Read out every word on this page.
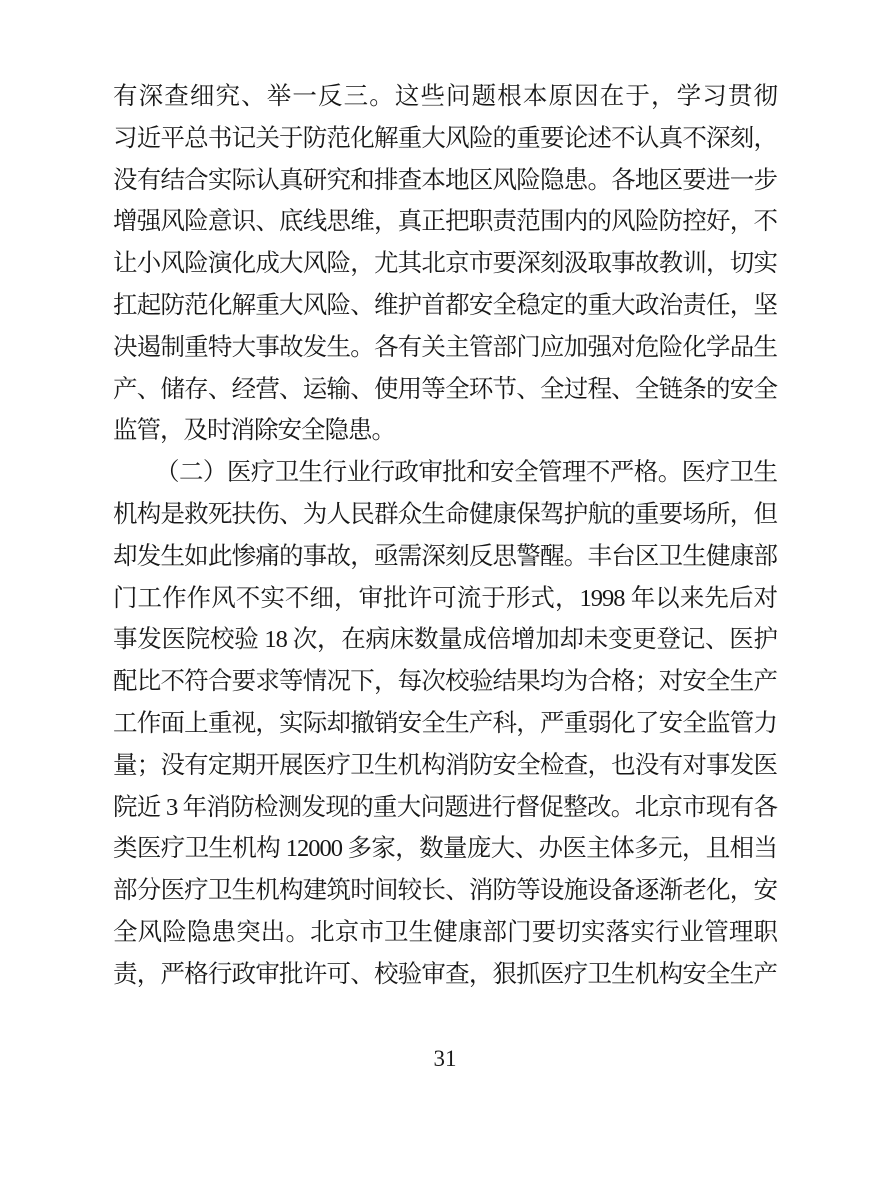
有深查细究、举一反三。这些问题根本原因在于，学习贯彻
习近平总书记关于防范化解重大风险的重要论述不认真不深刻，
没有结合实际认真研究和排查本地区风险隐患。各地区要进一步
增强风险意识、底线思维，真正把职责范围内的风险防控好，不
让小风险演化成大风险，尤其北京市要深刻汲取事故教训，切实
扛起防范化解重大风险、维护首都安全稳定的重大政治责任，坚
决遏制重特大事故发生。各有关主管部门应加强对危险化学品生
产、储存、经营、运输、使用等全环节、全过程、全链条的安全
监管，及时消除安全隐患。
（二）医疗卫生行业行政审批和安全管理不严格。医疗卫生
机构是救死扶伤、为人民群众生命健康保驾护航的重要场所，但
却发生如此惨痛的事故，亟需深刻反思警醒。丰台区卫生健康部
门工作作风不实不细，审批许可流于形式，1998 年以来先后对
事发医院校验 18 次，在病床数量成倍增加却未变更登记、医护
配比不符合要求等情况下，每次校验结果均为合格；对安全生产
工作面上重视，实际却撤销安全生产科，严重弱化了安全监管力
量；没有定期开展医疗卫生机构消防安全检查，也没有对事发医
院近 3 年消防检测发现的重大问题进行督促整改。北京市现有各
类医疗卫生机构 12000 多家，数量庞大、办医主体多元，且相当
部分医疗卫生机构建筑时间较长、消防等设施设备逐渐老化，安
全风险隐患突出。北京市卫生健康部门要切实落实行业管理职
责，严格行政审批许可、校验审查，狠抓医疗卫生机构安全生产
31
